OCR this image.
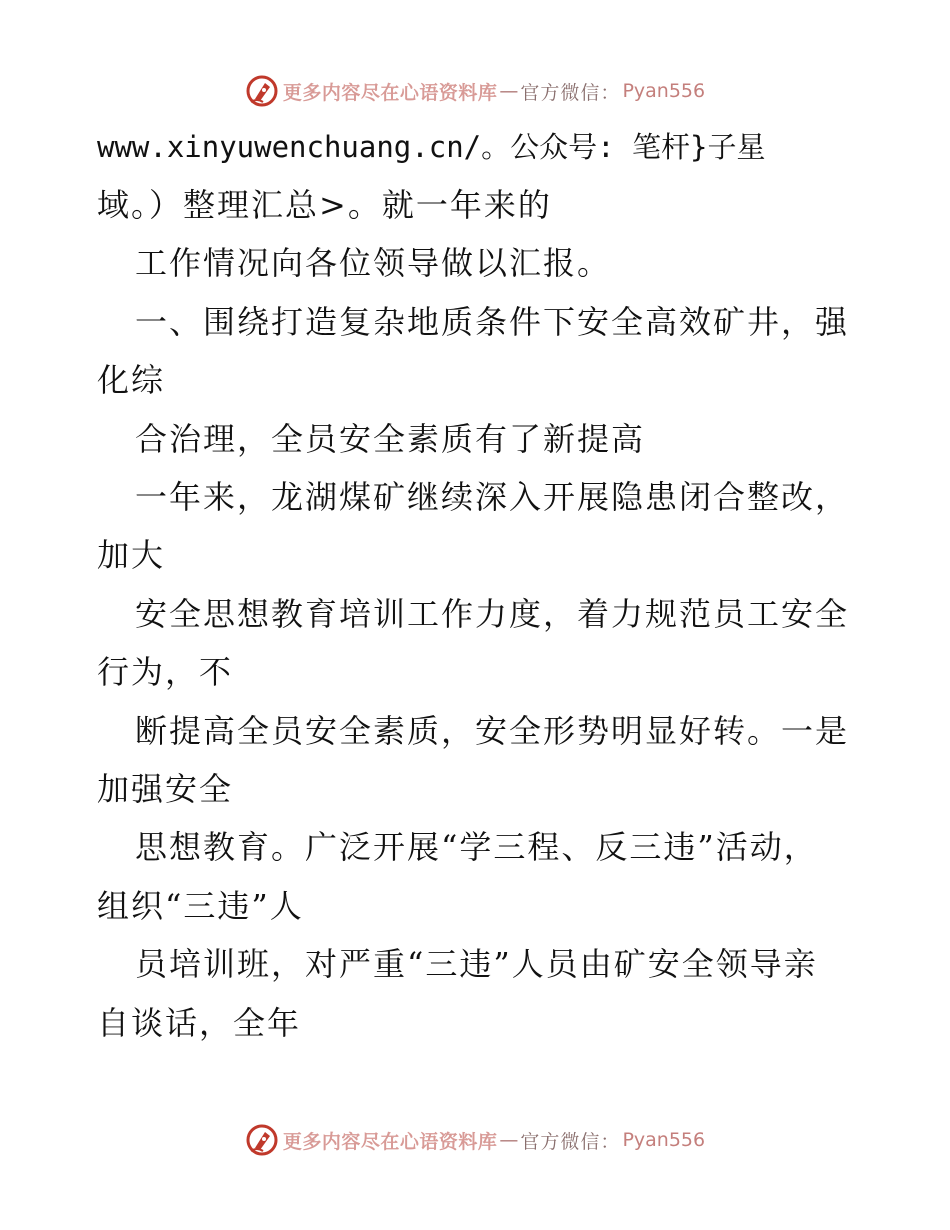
更多内容尽在心语资料库 — 官方微信： Pyan556
www.xinyuwenchuang.cn/。公众号: 笔杆}子星
域。）整理汇总>。就一年来的
工作情况向各位领导做以汇报。
一、围绕打造复杂地质条件下安全高效矿井，强
化综
合治理，全员安全素质有了新提高
一年来，龙湖煤矿继续深入开展隐患闭合整改，
加大
安全思想教育培训工作力度，着力规范员工安全
行为，不
断提高全员安全素质，安全形势明显好转。一是
加强安全
思想教育。广泛开展“学三程、反三违”活动，
组织“三违”人
员培训班，对严重“三违”人员由矿安全领导亲
自谈话，全年
更多内容尽在心语资料库 — 官方微信： Pyan556
